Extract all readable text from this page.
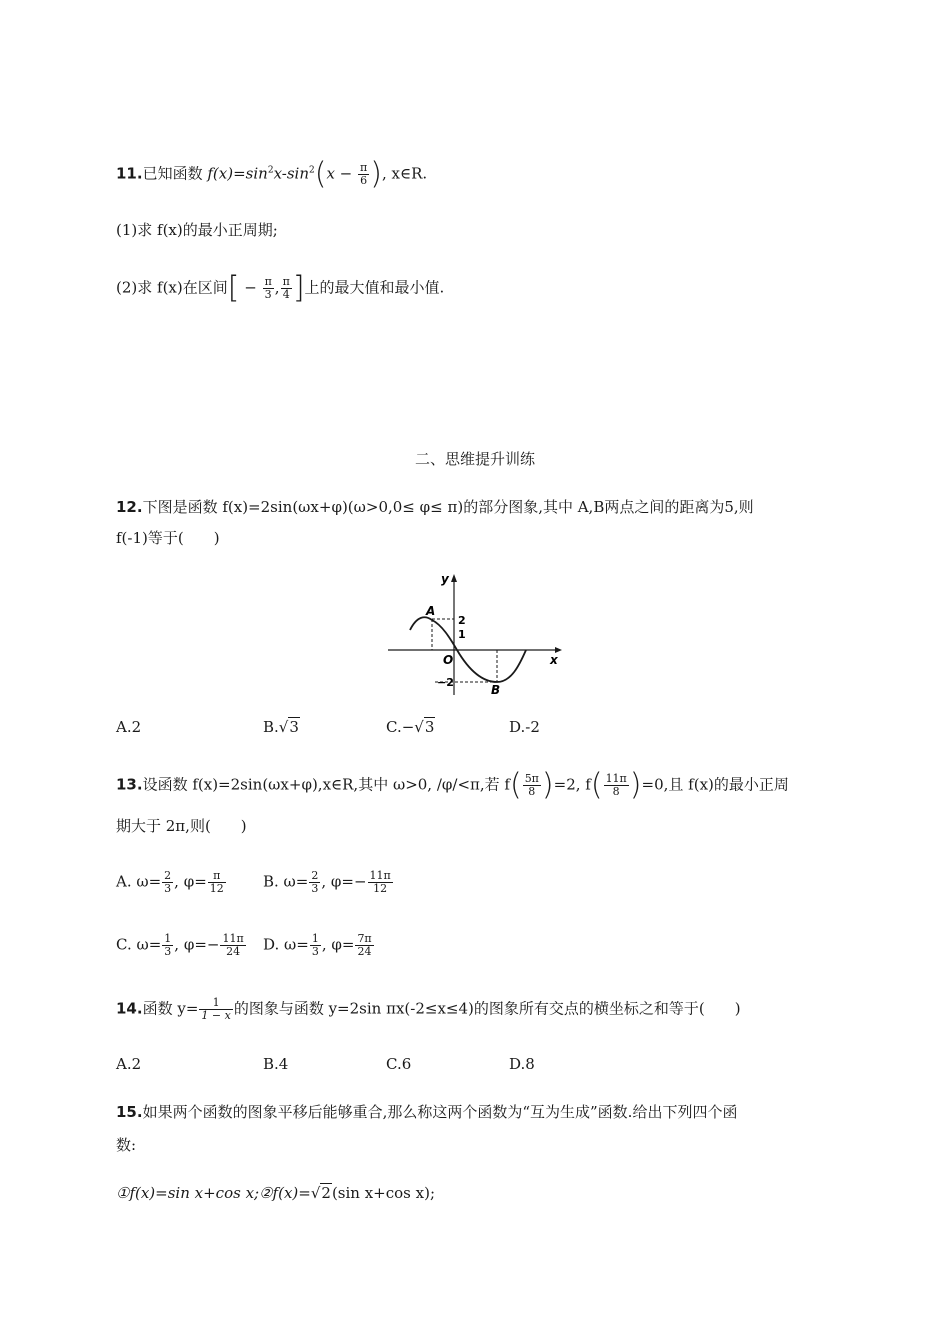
11.已知函数 $f(x)=\sin^2x-\sin^2(x - \frac{\pi}{6}$ ), x∈R.
(1)求 f(x)的最小正周期;
(2)求 f(x)在区间[ − $\frac{\pi}{3}$ , $\frac{\pi}{4}$ ]上的最大值和最小值.
二、思维提升训练
12.下图是函数 f(x)=2sin(ωx+φ)(ω>0,0≤ φ≤ π)的部分图象,其中 A,B两点之间的距离为5,则
f(-1)等于(　　)
y
x
O
A
B
2
1
−2
A.2	B.√3	C.−√3	D.-2
13.设函数 f(x)=2sin(ωx+φ),x∈R,其中 ω>0, /φ/<π,若 $f( \frac{5\pi}{8} )=2$, $f( \frac{11\pi}{8} )=0$,且 f(x)的最小正周
期大于 2π,则(　　)
A. $\omega= \frac{2}{3}$ , $\varphi= \frac{\pi}{12} B$. $\omega= \frac{2}{3}$ , $\varphi=- \frac{11\pi}{12}$
C. $\omega= \frac{1}{3}$ , $\varphi=- \frac{11\pi}{24} D$. $\omega= \frac{1}{3}$ , $\varphi= \frac{7\pi}{24}$
14.函数 $y= \frac{1}{1 - x}$ 的图象与函数 y=2sin πx(-2≤x≤4)的图象所有交点的横坐标之和等于(　　)
A.2	B.4	C.6	D.8
15.如果两个函数的图象平移后能够重合,那么称这两个函数为“互为生成”函数.给出下列四个函
数:
①f(x)=sin x+cos x;②f(x)=√2(sin x+cos x);
